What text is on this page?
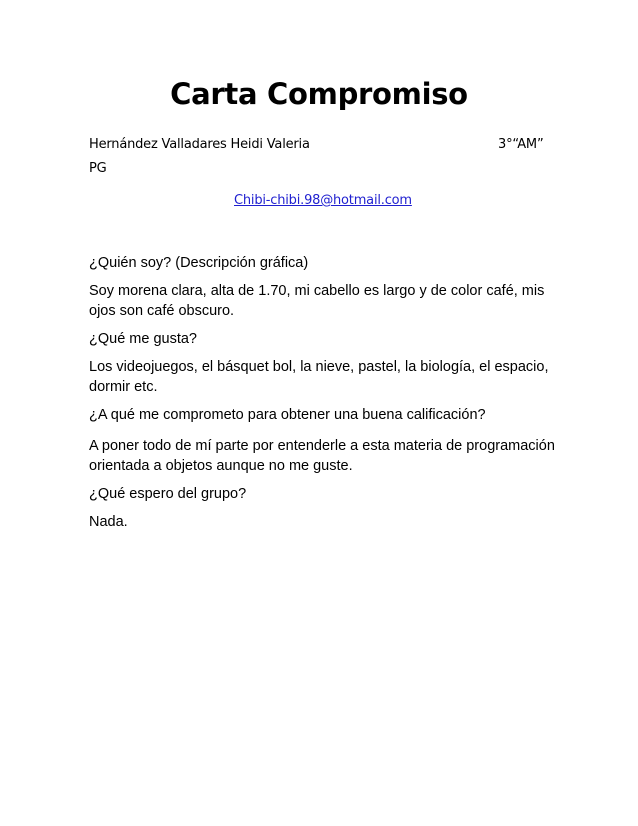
Carta Compromiso
Hernández Valladares Heidi Valeria	3°“AM”
PG
Chibi-chibi.98@hotmail.com
¿Quién soy? (Descripción gráfica)
Soy morena clara, alta de 1.70, mi cabello es largo y de color café, mis ojos son café obscuro.
¿Qué me gusta?
Los videojuegos, el básquet bol, la nieve, pastel, la biología, el espacio, dormir etc.
¿A qué me comprometo para obtener una buena calificación?
A poner todo de mí parte por entenderle a esta materia de programación orientada a objetos aunque no me guste.
¿Qué espero del grupo?
Nada.
